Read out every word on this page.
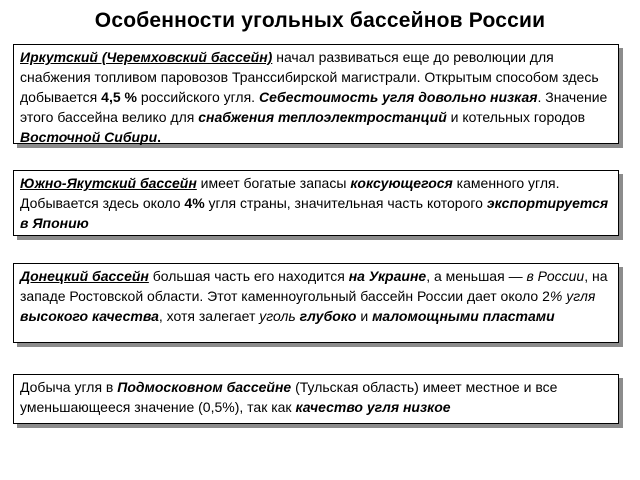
Особенности угольных бассейнов России
Иркутский (Черемховский бассейн) начал развиваться еще до революции для снабжения топливом паровозов Транссибирской магистрали. Открытым способом здесь добывается 4,5 % российского угля. Себестоимость угля довольно низкая. Значение этого бассейна велико для снабжения теплоэлектростанций и котельных городов Восточной Сибири.
Южно-Якутский бассейн имеет богатые запасы коксующегося каменного угля. Добывается здесь около 4% угля страны, значительная часть которого экспортируется в Японию
Донецкий бассейн большая часть его находится на Украине, а меньшая — в России, на западе Ростовской области. Этот каменноугольный бассейн России дает около 2% угля высокого качества, хотя залегает уголь глубоко и маломощными пластами
Добыча угля в Подмосковном бассейне (Тульская область) имеет местное и все уменьшающееся значение (0,5%), так как качество угля низкое
